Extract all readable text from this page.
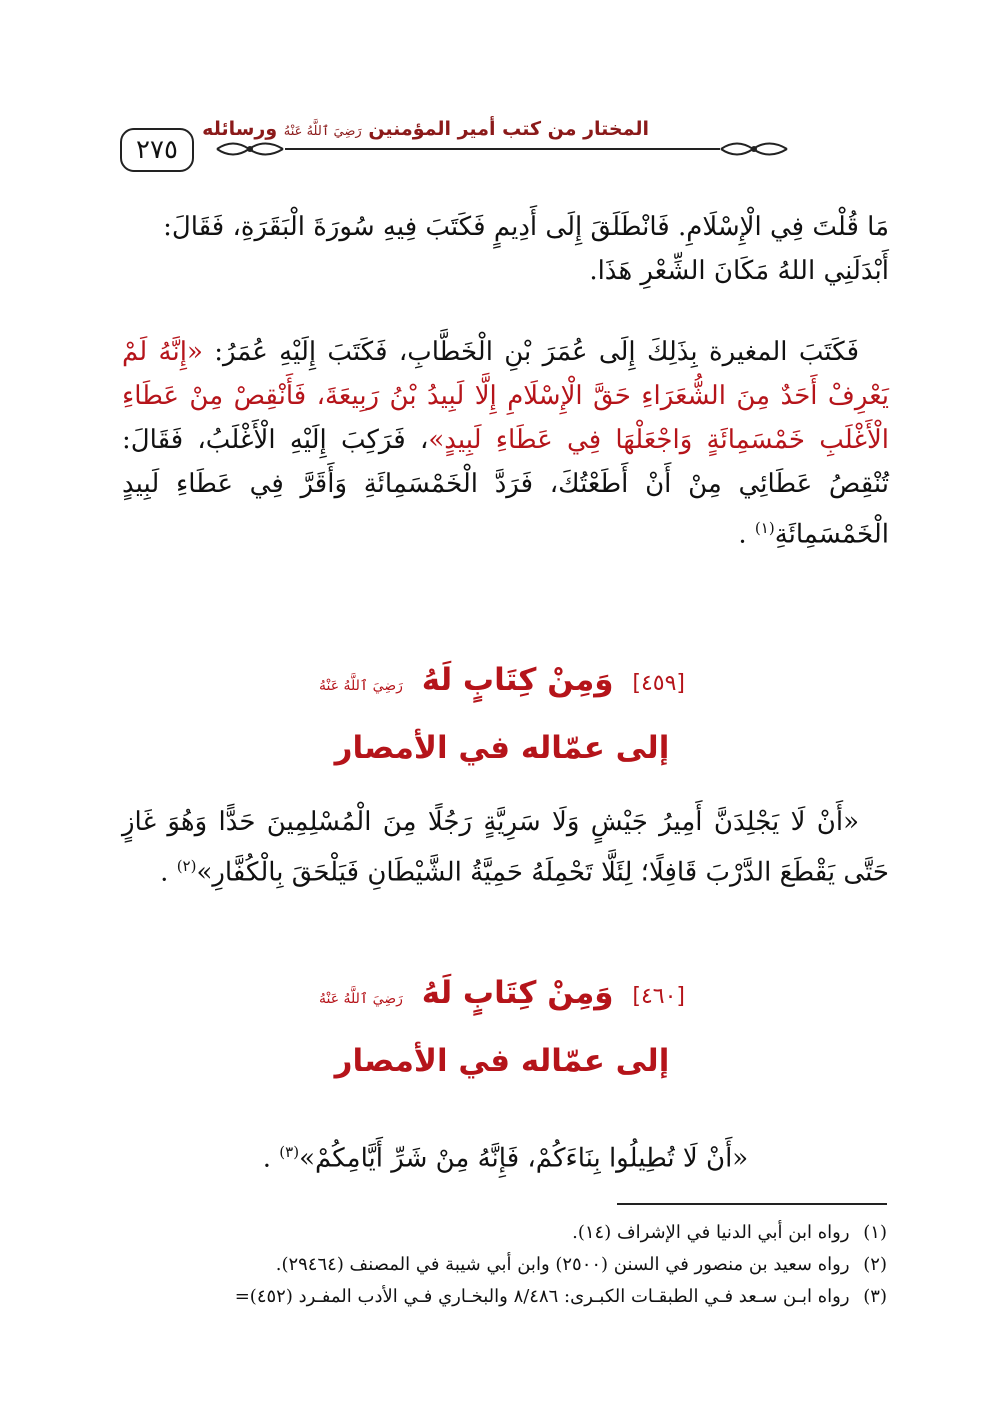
٢٧٥
المختار من كتب أمير المؤمنين رَضِيَ ٱللَّهُ عَنْهُ ورسائله
مَا قُلْتَ فِي الْإِسْلَامِ. فَانْطَلَقَ إِلَى أَدِيمٍ فَكَتَبَ فِيهِ سُورَةَ الْبَقَرَةِ، فَقَالَ:
أَبْدَلَنِي اللهُ مَكَانَ الشِّعْرِ هَذَا.
فَكَتَبَ المغيرة بِذَلِكَ إِلَى عُمَرَ بْنِ الْخَطَّابِ، فَكَتَبَ إِلَيْهِ عُمَرُ: «إِنَّهُ لَمْ يَعْرِفْ أَحَدٌ مِنَ الشُّعَرَاءِ حَقَّ الْإِسْلَامِ إِلَّا لَبِيدُ بْنُ رَبِيعَةَ، فَأَنْقِصْ مِنْ عَطَاءِ الْأَغْلَبِ خَمْسَمِائَةٍ وَاجْعَلْهَا فِي عَطَاءِ لَبِيدٍ»، فَرَكِبَ إِلَيْهِ الْأَغْلَبُ، فَقَالَ: تُنْقِصُ عَطَائِي مِنْ أَنْ أَطَعْتُكَ، فَرَدَّ الْخَمْسَمِائَةِ وَأَقَرَّ فِي عَطَاءِ لَبِيدٍ الْخَمْسَمِائَةِ$^{(١)}$ .
[٤٥٩] وَمِنْ كِتَابٍ لَهُ رَضِيَ ٱللَّهُ عَنْهُ
إلى عمّاله في الأمصار
«أَنْ لَا يَجْلِدَنَّ أَمِيرُ جَيْشٍ وَلَا سَرِيَّةٍ رَجُلًا مِنَ الْمُسْلِمِينَ حَدًّا وَهُوَ غَازٍ حَتَّى يَقْطَعَ الدَّرْبَ قَافِلًا؛ لِئَلَّا تَحْمِلَهُ حَمِيَّةُ الشَّيْطَانِ فَيَلْحَقَ بِالْكُفَّارِ»$^{(٢)}$ .
[٤٦٠] وَمِنْ كِتَابٍ لَهُ رَضِيَ ٱللَّهُ عَنْهُ
إلى عمّاله في الأمصار
«أَنْ لَا تُطِيلُوا بِنَاءَكُمْ، فَإِنَّهُ مِنْ شَرِّ أَيَّامِكُمْ»$^{(٣)}$ .
(١) رواه ابن أبي الدنيا في الإشراف (١٤).
(٢) رواه سعيد بن منصور في السنن (٢٥٠٠) وابن أبي شيبة في المصنف (٢٩٤٦٤).
(٣) رواه ابـن سـعد فـي الطبقـات الكبـرى: ٨/٤٨٦ والبخـاري فـي الأدب المفـرد (٤٥٢)=
